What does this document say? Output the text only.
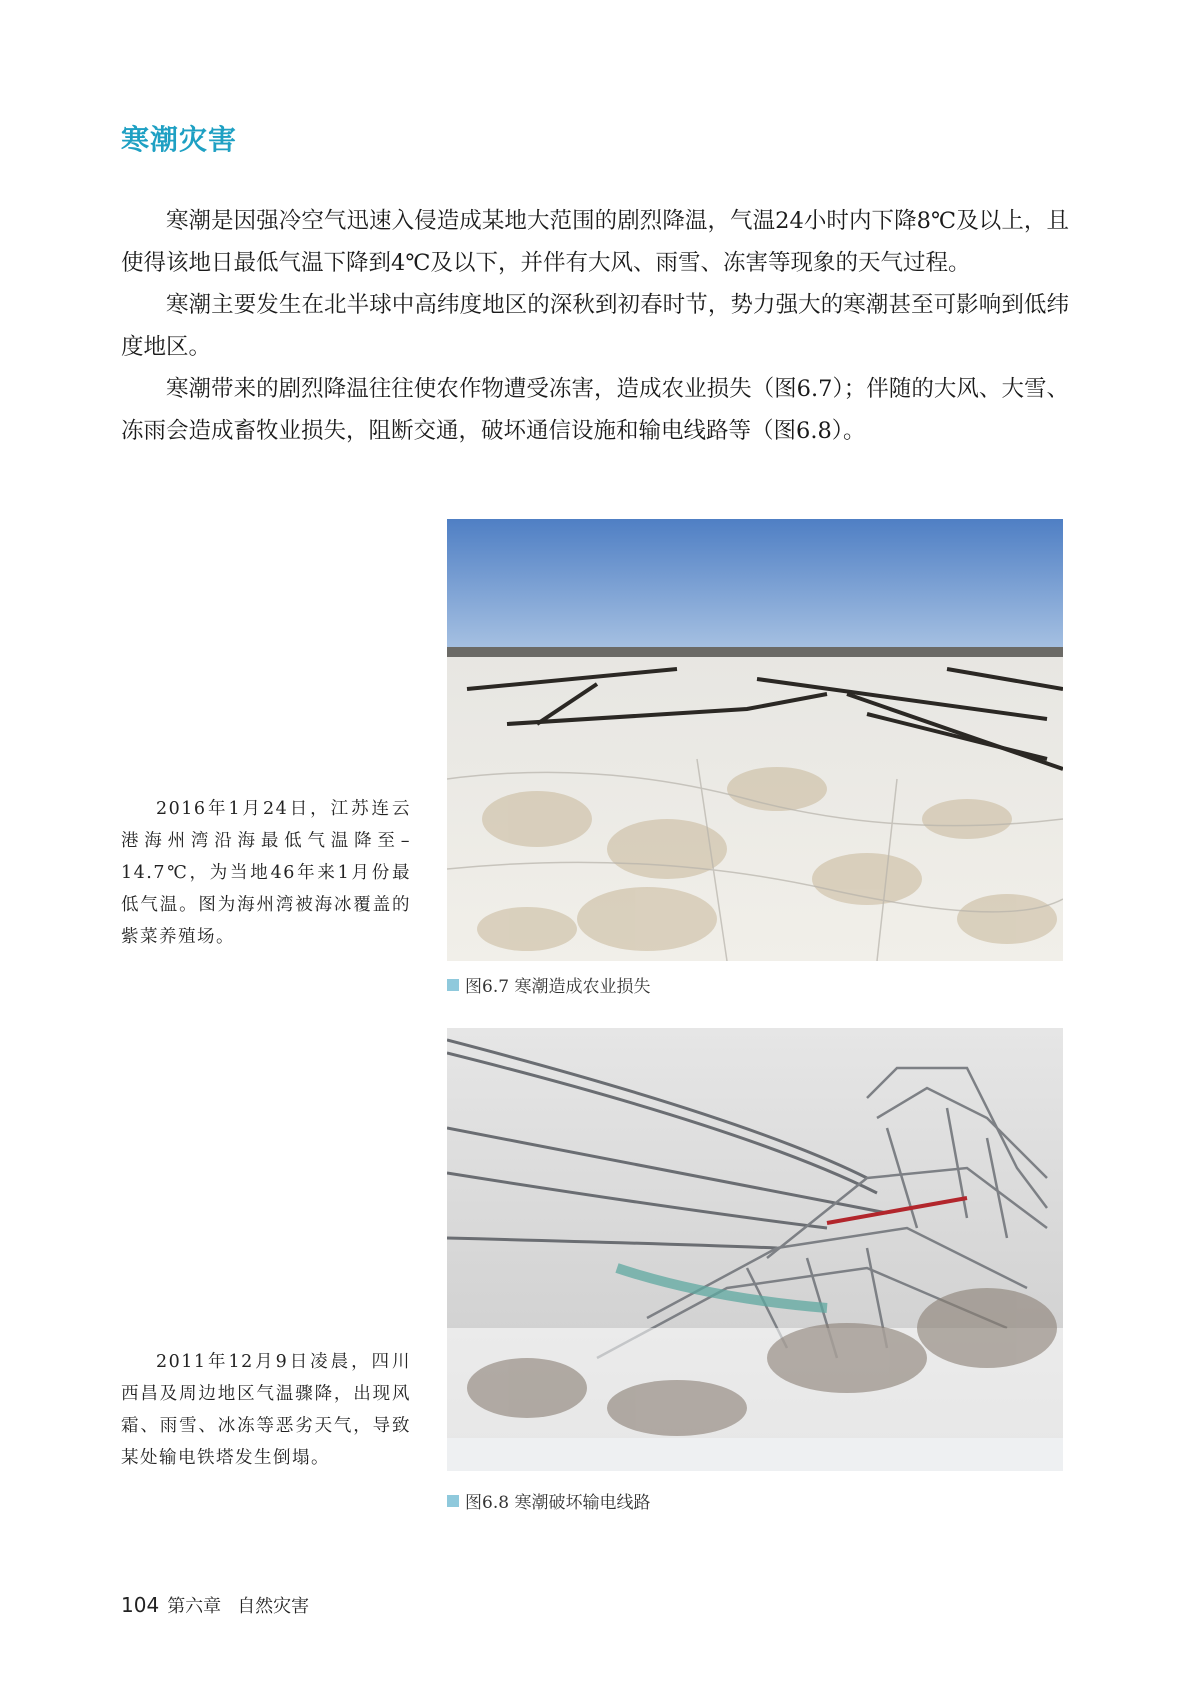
寒潮灾害

寒潮是因强冷空气迅速入侵造成某地大范围的剧烈降温，气温24小时内下降8℃及以上，且使得该地日最低气温下降到4℃及以下，并伴有大风、雨雪、冻害等现象的天气过程。

寒潮主要发生在北半球中高纬度地区的深秋到初春时节，势力强大的寒潮甚至可影响到低纬度地区。

寒潮带来的剧烈降温往往使农作物遭受冻害，造成农业损失（图6.7）；伴随的大风、大雪、冻雨会造成畜牧业损失，阻断交通，破坏通信设施和输电线路等（图6.8）。

2016年1月24日，江苏连云港海州湾沿海最低气温降至–14.7℃，为当地46年来1月份最低气温。图为海州湾被海冰覆盖的紫菜养殖场。
图6.7 寒潮造成农业损失
2011年12月9日凌晨，四川西昌及周边地区气温骤降，出现风霜、雨雪、冰冻等恶劣天气，导致某处输电铁塔发生倒塌。
图6.8 寒潮破坏输电线路
104 第六章 自然灾害
